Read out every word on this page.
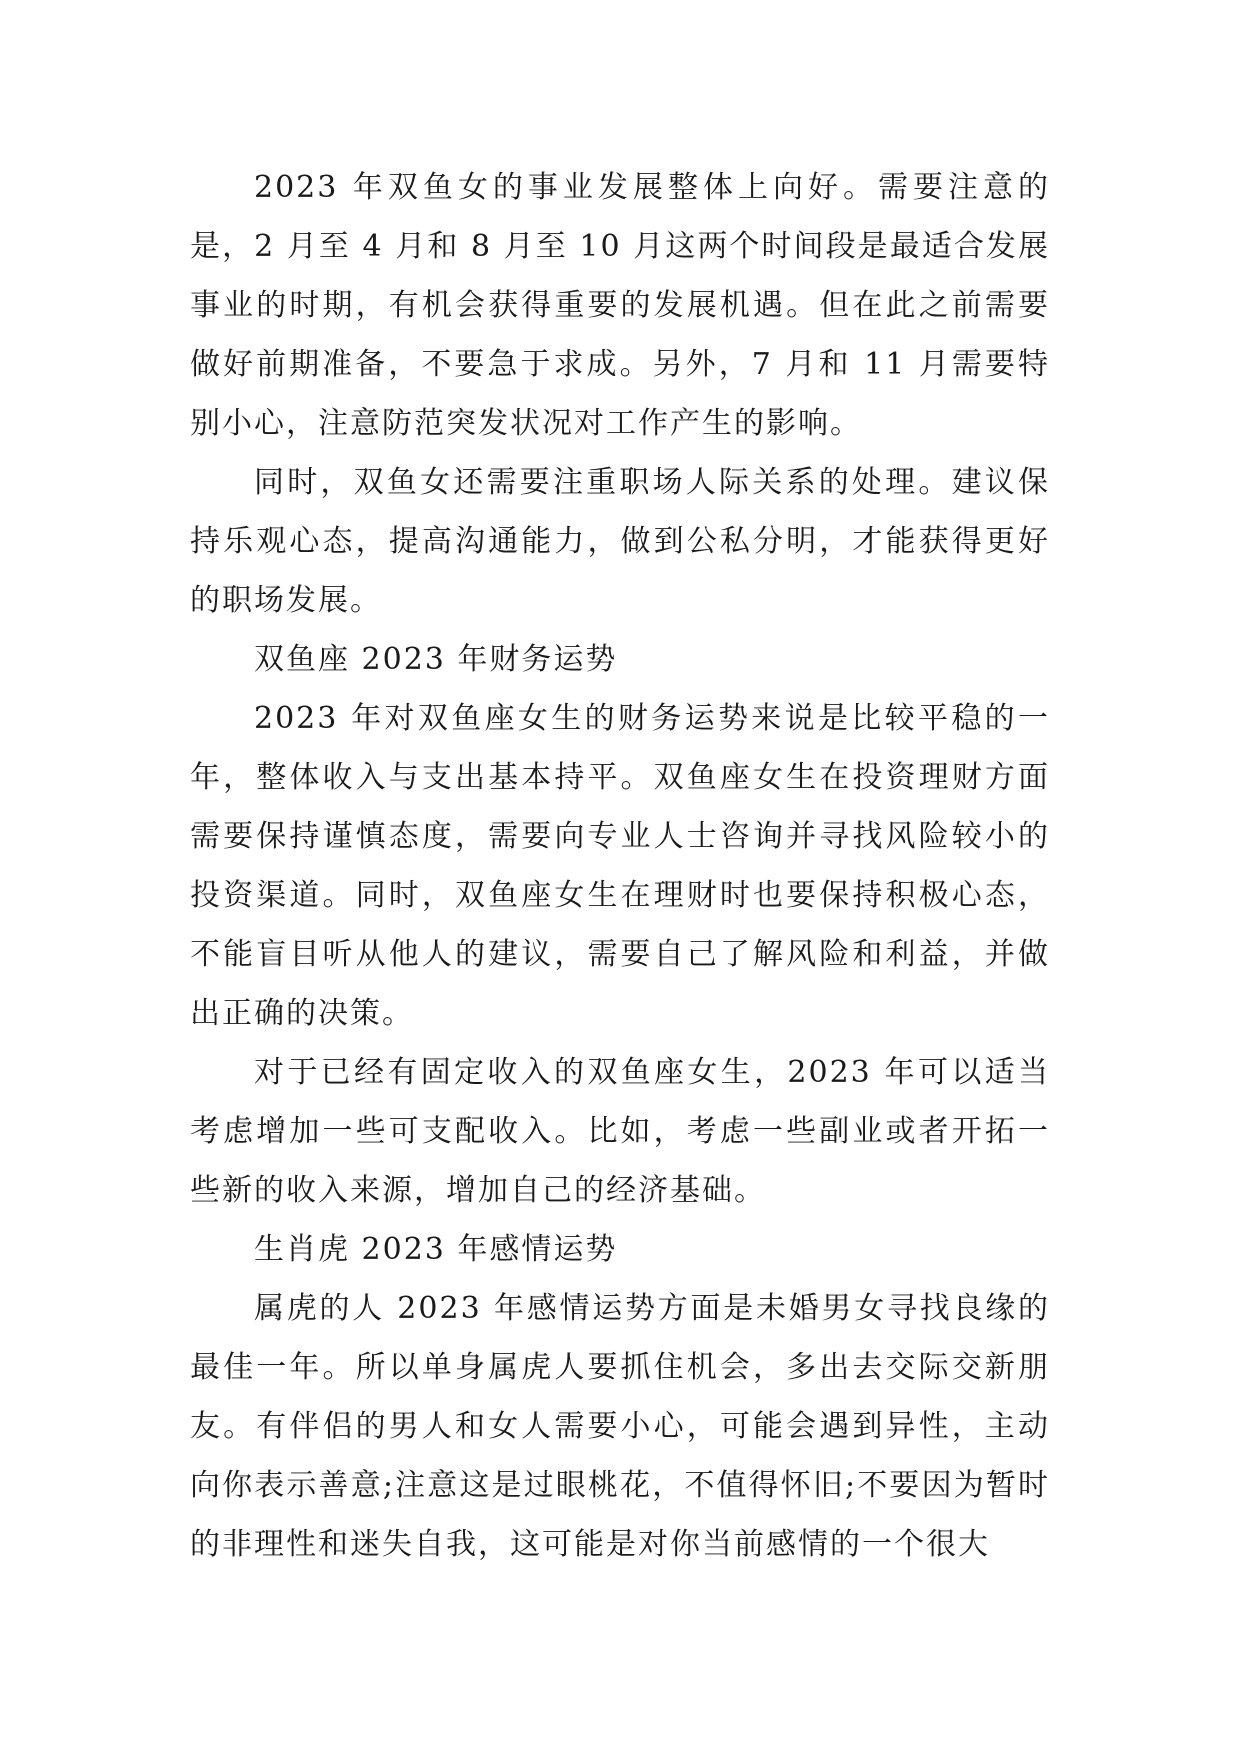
2023 年双鱼女的事业发展整体上向好。需要注意的是，2 月至 4 月和 8 月至 10 月这两个时间段是最适合发展事业的时期，有机会获得重要的发展机遇。但在此之前需要做好前期准备，不要急于求成。另外，7 月和 11 月需要特别小心，注意防范突发状况对工作产生的影响。

同时，双鱼女还需要注重职场人际关系的处理。建议保持乐观心态，提高沟通能力，做到公私分明，才能获得更好的职场发展。

双鱼座 2023 年财务运势

2023 年对双鱼座女生的财务运势来说是比较平稳的一年，整体收入与支出基本持平。双鱼座女生在投资理财方面需要保持谨慎态度，需要向专业人士咨询并寻找风险较小的投资渠道。同时，双鱼座女生在理财时也要保持积极心态，不能盲目听从他人的建议，需要自己了解风险和利益，并做出正确的决策。

对于已经有固定收入的双鱼座女生，2023 年可以适当考虑增加一些可支配收入。比如，考虑一些副业或者开拓一些新的收入来源，增加自己的经济基础。

生肖虎 2023 年感情运势

属虎的人 2023 年感情运势方面是未婚男女寻找良缘的最佳一年。所以单身属虎人要抓住机会，多出去交际交新朋友。有伴侣的男人和女人需要小心，可能会遇到异性，主动向你表示善意;注意这是过眼桃花，不值得怀旧;不要因为暂时的非理性和迷失自我，这可能是对你当前感情的一个很大
